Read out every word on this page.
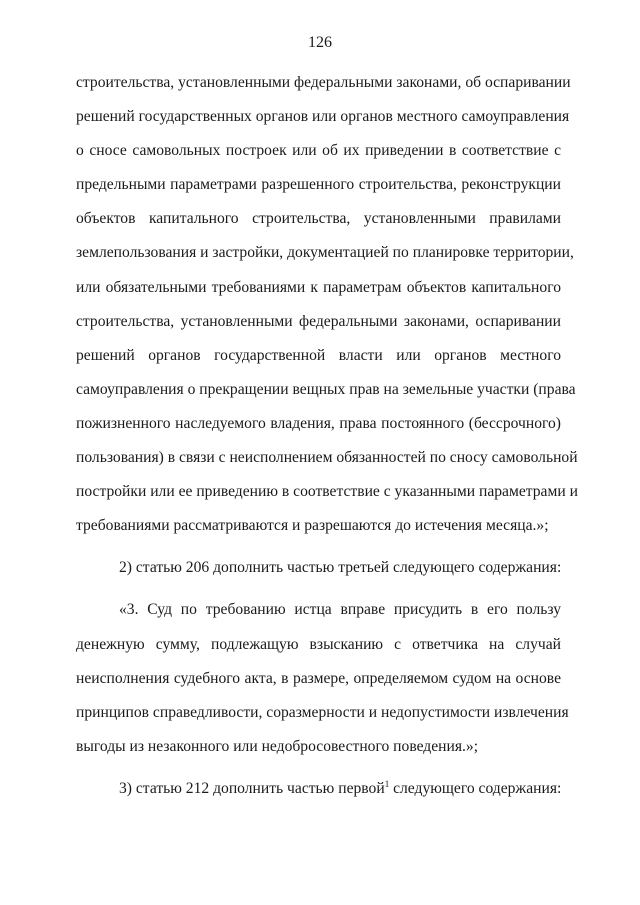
126
строительства, установленными федеральными законами, об оспаривании
решений государственных органов или органов местного самоуправления
о сносе самовольных построек или об их приведении в соответствие с
предельными параметрами разрешенного строительства, реконструкции
объектов капитального строительства, установленными правилами
землепользования и застройки, документацией по планировке территории,
или обязательными требованиями к параметрам объектов капитального
строительства, установленными федеральными законами, оспаривании
решений органов государственной власти или органов местного
самоуправления о прекращении вещных прав на земельные участки (права
пожизненного наследуемого владения, права постоянного (бессрочного)
пользования) в связи с неисполнением обязанностей по сносу самовольной
постройки или ее приведению в соответствие с указанными параметрами и
требованиями рассматриваются и разрешаются до истечения месяца.»;
2) статью 206 дополнить частью третьей следующего содержания:
«3. Суд по требованию истца вправе присудить в его пользу
денежную сумму, подлежащую взысканию с ответчика на случай
неисполнения судебного акта, в размере, определяемом судом на основе
принципов справедливости, соразмерности и недопустимости извлечения
выгоды из незаконного или недобросовестного поведения.»;
3) статью 212 дополнить частью первой$^1$ следующего содержания:
